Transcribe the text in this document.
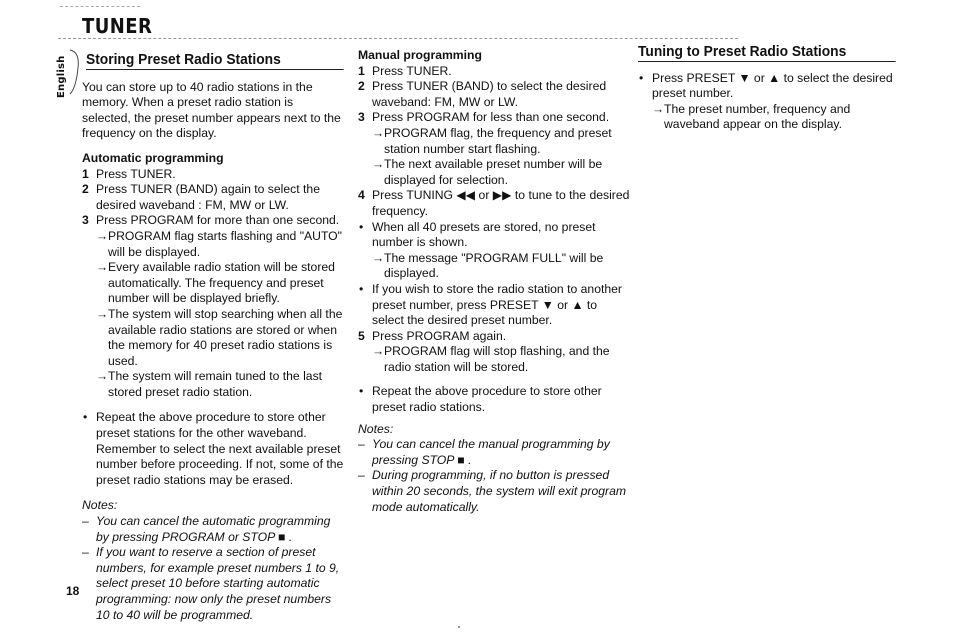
TUNER
English Storing Preset Radio Stations

You can store up to 40 radio stations in the memory. When a preset radio station is selected, the preset number appears next to the frequency on the display.

Automatic programming

1 Press TUNER.
2 Press TUNER (BAND) again to select the desired waveband : FM, MW or LW.
3 Press PROGRAM for more than one second.
→ PROGRAM flag starts flashing and "AUTO" will be displayed.
→ Every available radio station will be stored automatically. The frequency and preset number will be displayed briefly.
→ The system will stop searching when all the available radio stations are stored or when the memory for 40 preset radio stations is used.
→ The system will remain tuned to the last stored preset radio station.
• Repeat the above procedure to store other preset stations for the other waveband. Remember to select the next available preset number before proceeding. If not, some of the preset radio stations may be erased.
Notes:
– You can cancel the automatic programming by pressing PROGRAM or STOP ■ .
– If you want to reserve a section of preset numbers, for example preset numbers 1 to 9, select preset 10 before starting automatic programming: now only the preset numbers 10 to 40 will be programmed.

Manual programming

1 Press TUNER.
2 Press TUNER (BAND) to select the desired waveband: FM, MW or LW.
3 Press PROGRAM for less than one second.
→ PROGRAM flag, the frequency and preset station number start flashing.
→ The next available preset number will be displayed for selection.
4 Press TUNING ◀◀ or ▶▶ to tune to the desired frequency.
• When all 40 presets are stored, no preset number is shown.
→ The message "PROGRAM FULL" will be displayed.
• If you wish to store the radio station to another preset number, press PRESET ▼ or ▲ to select the desired preset number.
5 Press PROGRAM again.
→ PROGRAM flag will stop flashing, and the radio station will be stored.
• Repeat the above procedure to store other preset radio stations.
Notes:
– You can cancel the manual programming by pressing STOP ■ .
– During programming, if no button is pressed within 20 seconds, the system will exit program mode automatically.
Tuning to Preset Radio Stations
• Press PRESET ▼ or ▲ to select the desired preset number.
→ The preset number, frequency and waveband appear on the display.
18
